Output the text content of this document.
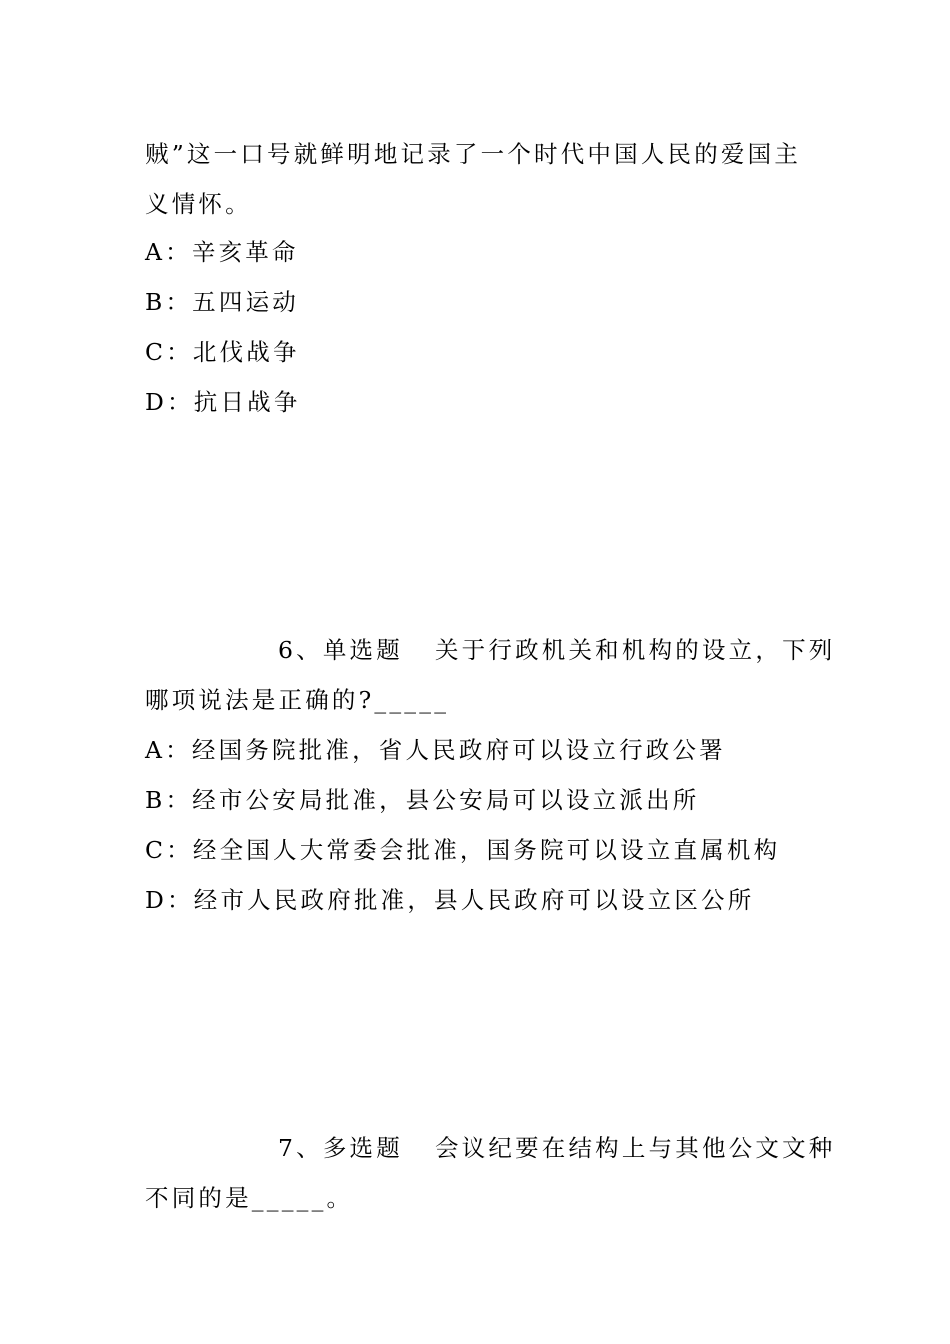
贼”这一口号就鲜明地记录了一个时代中国人民的爱国主
义情怀。
A：辛亥革命
B：五四运动
C：北伐战争
D：抗日战争
6、单选题 关于行政机关和机构的设立，下列
哪项说法是正确的?_____
A：经国务院批准，省人民政府可以设立行政公署
B：经市公安局批准，县公安局可以设立派出所
C：经全国人大常委会批准，国务院可以设立直属机构
D：经市人民政府批准，县人民政府可以设立区公所
7、多选题 会议纪要在结构上与其他公文文种
不同的是_____。
